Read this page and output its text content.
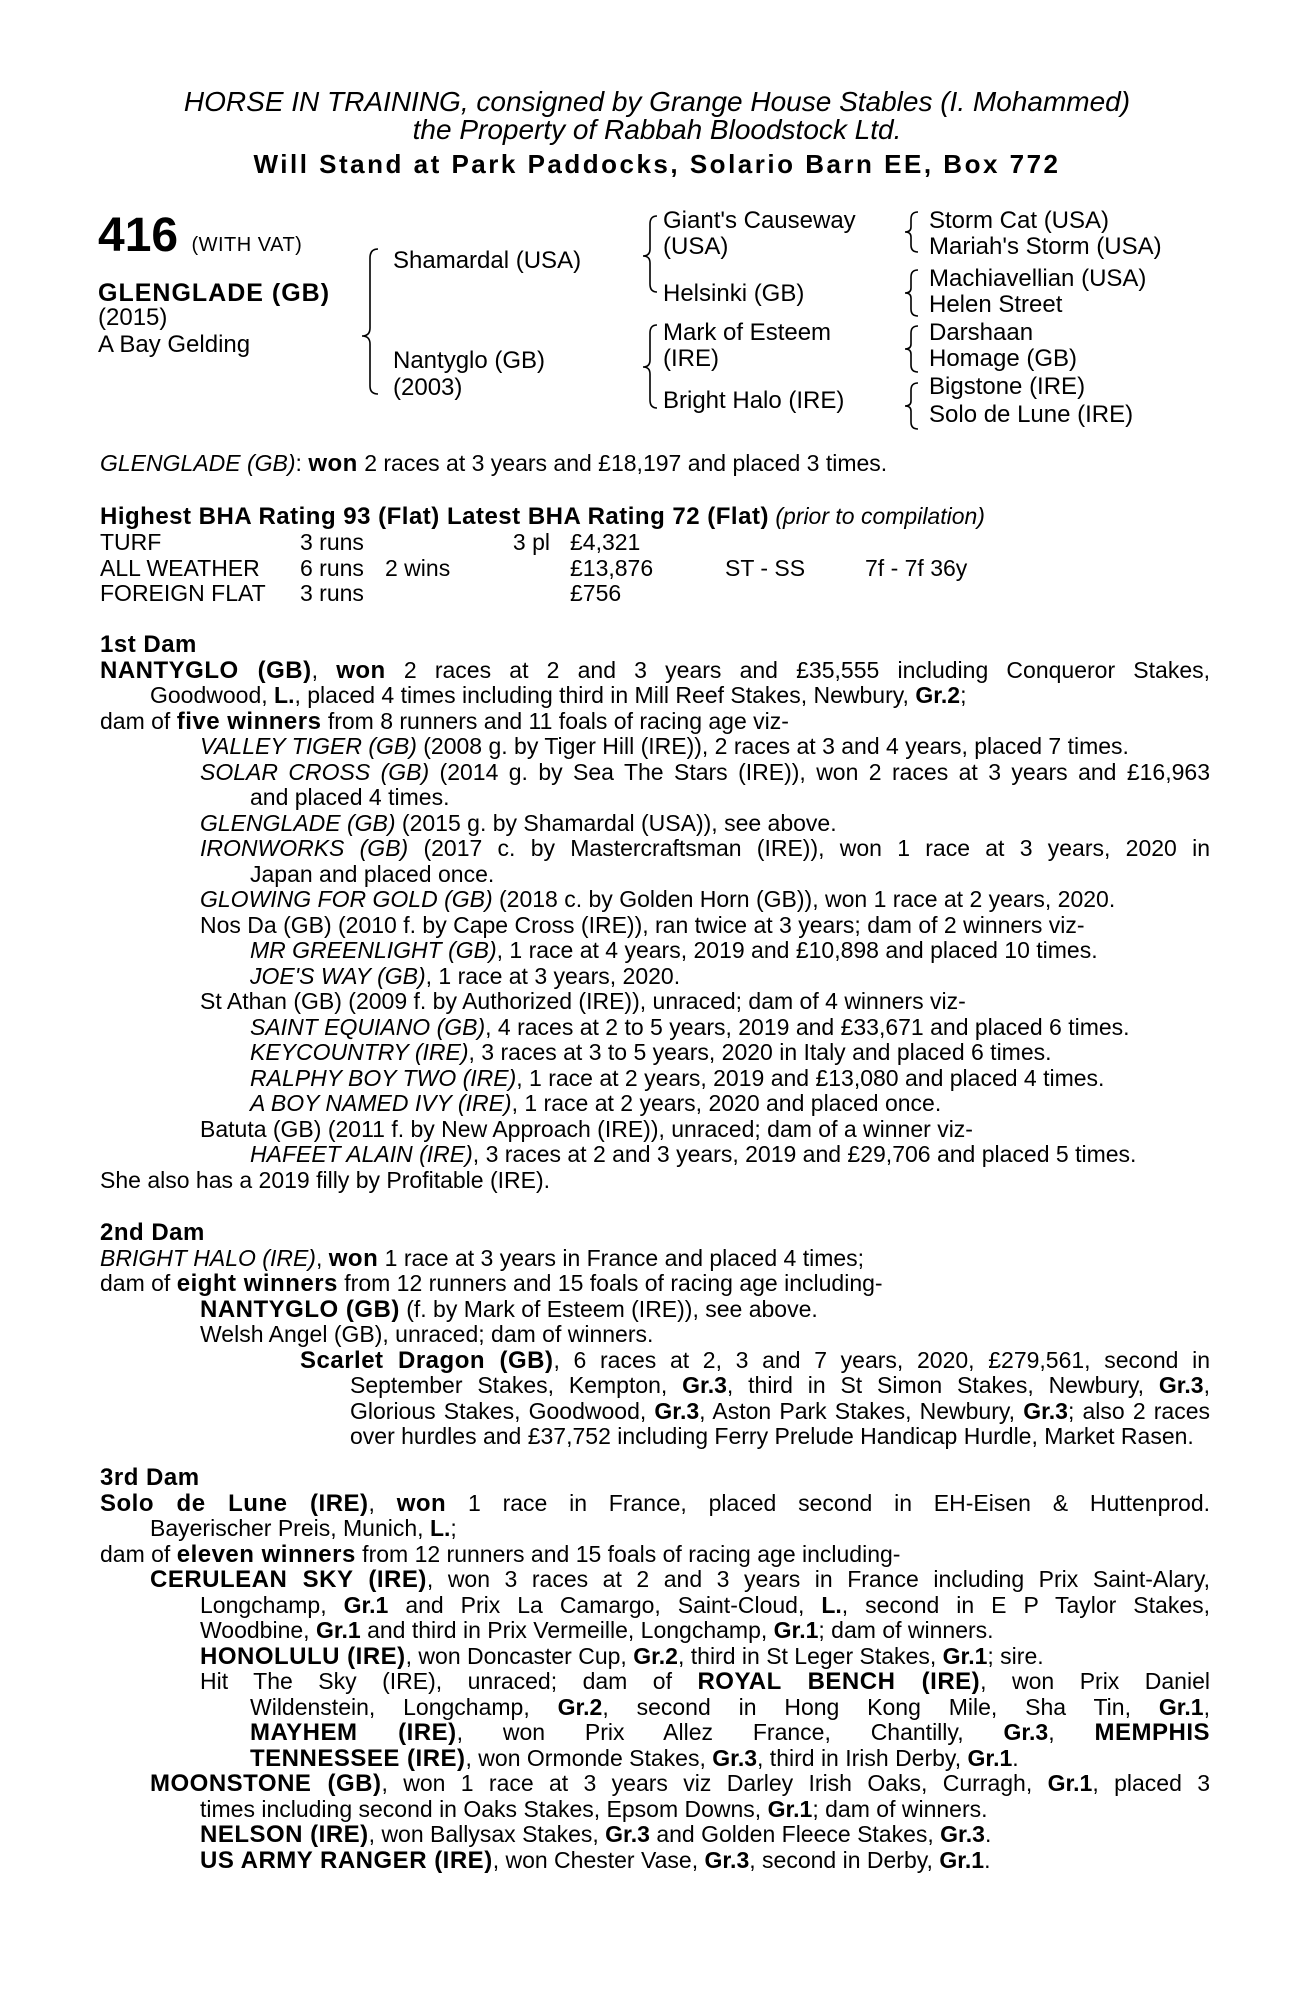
HORSE IN TRAINING, consigned by Grange House Stables (I. Mohammed)
the Property of Rabbah Bloodstock Ltd.
Will Stand at Park Paddocks, Solario Barn EE, Box 772
416 (WITH VAT)
GLENGLADE (GB)
(2015)
A Bay Gelding
Shamardal (USA)
Nantyglo (GB)
(2003)
Giant's Causeway
(USA)
Helsinki (GB)
Mark of Esteem
(IRE)
Bright Halo (IRE)
Storm Cat (USA)
Mariah's Storm (USA)
Machiavellian (USA)
Helen Street
Darshaan
Homage (GB)
Bigstone (IRE)
Solo de Lune (IRE)
GLENGLADE (GB): won 2 races at 3 years and £18,197 and placed 3 times.
Highest BHA Rating 93 (Flat) Latest BHA Rating 72 (Flat) (prior to compilation)
TURF	3 runs		3 pl	£4,321		
ALL WEATHER	6 runs	2 wins		£13,876	ST - SS	7f - 7f 36y
FOREIGN FLAT	3 runs			£756		
1st Dam
NANTYGLO (GB), won 2 races at 2 and 3 years and £35,555 including Conqueror Stakes,
Goodwood, L., placed 4 times including third in Mill Reef Stakes, Newbury, Gr.2;
dam of five winners from 8 runners and 11 foals of racing age viz-
VALLEY TIGER (GB) (2008 g. by Tiger Hill (IRE)), 2 races at 3 and 4 years, placed 7 times.
SOLAR CROSS (GB) (2014 g. by Sea The Stars (IRE)), won 2 races at 3 years and £16,963
and placed 4 times.
GLENGLADE (GB) (2015 g. by Shamardal (USA)), see above.
IRONWORKS (GB) (2017 c. by Mastercraftsman (IRE)), won 1 race at 3 years, 2020 in
Japan and placed once.
GLOWING FOR GOLD (GB) (2018 c. by Golden Horn (GB)), won 1 race at 2 years, 2020.
Nos Da (GB) (2010 f. by Cape Cross (IRE)), ran twice at 3 years; dam of 2 winners viz-
MR GREENLIGHT (GB), 1 race at 4 years, 2019 and £10,898 and placed 10 times.
JOE'S WAY (GB), 1 race at 3 years, 2020.
St Athan (GB) (2009 f. by Authorized (IRE)), unraced; dam of 4 winners viz-
SAINT EQUIANO (GB), 4 races at 2 to 5 years, 2019 and £33,671 and placed 6 times.
KEYCOUNTRY (IRE), 3 races at 3 to 5 years, 2020 in Italy and placed 6 times.
RALPHY BOY TWO (IRE), 1 race at 2 years, 2019 and £13,080 and placed 4 times.
A BOY NAMED IVY (IRE), 1 race at 2 years, 2020 and placed once.
Batuta (GB) (2011 f. by New Approach (IRE)), unraced; dam of a winner viz-
HAFEET ALAIN (IRE), 3 races at 2 and 3 years, 2019 and £29,706 and placed 5 times.
She also has a 2019 filly by Profitable (IRE).
2nd Dam
BRIGHT HALO (IRE), won 1 race at 3 years in France and placed 4 times;
dam of eight winners from 12 runners and 15 foals of racing age including-
NANTYGLO (GB) (f. by Mark of Esteem (IRE)), see above.
Welsh Angel (GB), unraced; dam of winners.
Scarlet Dragon (GB), 6 races at 2, 3 and 7 years, 2020, £279,561, second in
September Stakes, Kempton, Gr.3, third in St Simon Stakes, Newbury, Gr.3,
Glorious Stakes, Goodwood, Gr.3, Aston Park Stakes, Newbury, Gr.3; also 2 races
over hurdles and £37,752 including Ferry Prelude Handicap Hurdle, Market Rasen.
3rd Dam
Solo de Lune (IRE), won 1 race in France, placed second in EH-Eisen & Huttenprod.
Bayerischer Preis, Munich, L.;
dam of eleven winners from 12 runners and 15 foals of racing age including-
CERULEAN SKY (IRE), won 3 races at 2 and 3 years in France including Prix Saint-Alary,
Longchamp, Gr.1 and Prix La Camargo, Saint-Cloud, L., second in E P Taylor Stakes,
Woodbine, Gr.1 and third in Prix Vermeille, Longchamp, Gr.1; dam of winners.
HONOLULU (IRE), won Doncaster Cup, Gr.2, third in St Leger Stakes, Gr.1; sire.
Hit The Sky (IRE), unraced; dam of ROYAL BENCH (IRE), won Prix Daniel
Wildenstein, Longchamp, Gr.2, second in Hong Kong Mile, Sha Tin, Gr.1,
MAYHEM (IRE), won Prix Allez France, Chantilly, Gr.3, MEMPHIS
TENNESSEE (IRE), won Ormonde Stakes, Gr.3, third in Irish Derby, Gr.1.
MOONSTONE (GB), won 1 race at 3 years viz Darley Irish Oaks, Curragh, Gr.1, placed 3
times including second in Oaks Stakes, Epsom Downs, Gr.1; dam of winners.
NELSON (IRE), won Ballysax Stakes, Gr.3 and Golden Fleece Stakes, Gr.3.
US ARMY RANGER (IRE), won Chester Vase, Gr.3, second in Derby, Gr.1.
